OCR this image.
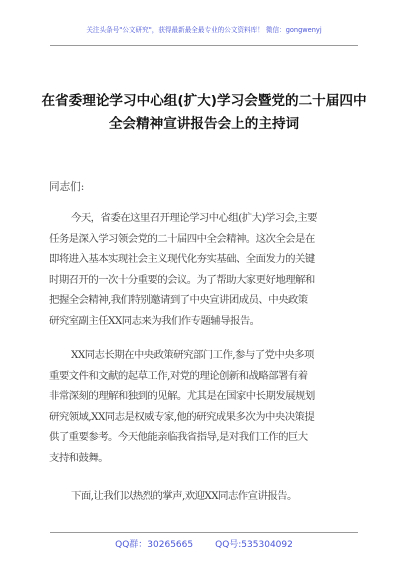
关注头条号"公文研究"，获得最新最全最专业的公文资料库！ 微信：gongwenyj
在省委理论学习中心组(扩大)学习会暨党的二十届四中
全会精神宣讲报告会上的主持词
同志们:
今天，省委在这里召开理论学习中心组(扩大)学习会,主要
任务是深入学习领会党的二十届四中全会精神。这次全会是在
即将进入基本实现社会主义现代化夯实基础、全面发力的关键
时期召开的一次十分重要的会议。为了帮助大家更好地理解和
把握全会精神,我们特别邀请到了中央宣讲团成员、中央政策
研究室副主任XX同志来为我们作专题辅导报告。
XX同志长期在中央政策研究部门工作,参与了党中央多项
重要文件和文献的起草工作,对党的理论创新和战略部署有着
非常深刻的理解和独到的见解。尤其是在国家中长期发展规划
研究领域,XX同志是权威专家,他的研究成果多次为中央决策提
供了重要参考。今天他能亲临我省指导,是对我们工作的巨大
支持和鼓舞。
下面,让我们以热烈的掌声,欢迎XX同志作宣讲报告。
QQ群：30265665 QQ号:535304092
